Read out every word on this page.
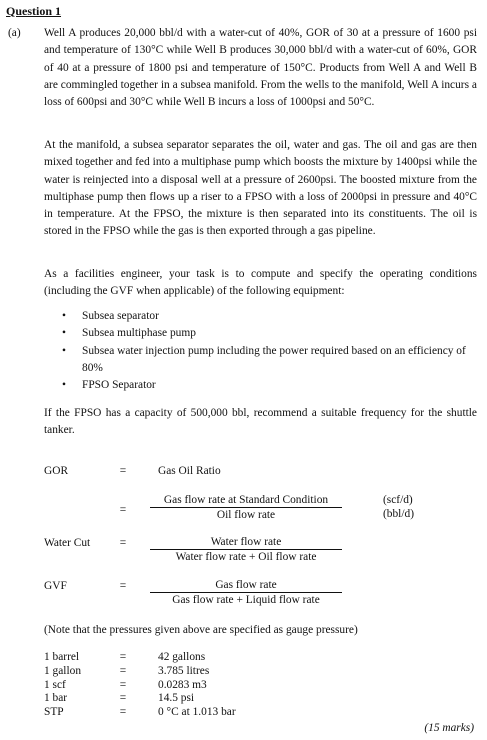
Question 1
(a) Well A produces 20,000 bbl/d with a water-cut of 40%, GOR of 30 at a pressure of 1600 psi and temperature of 130°C while Well B produces 30,000 bbl/d with a water-cut of 60%, GOR of 40 at a pressure of 1800 psi and temperature of 150°C. Products from Well A and Well B are commingled together in a subsea manifold. From the wells to the manifold, Well A incurs a loss of 600psi and 30°C while Well B incurs a loss of 1000psi and 50°C.
At the manifold, a subsea separator separates the oil, water and gas. The oil and gas are then mixed together and fed into a multiphase pump which boosts the mixture by 1400psi while the water is reinjected into a disposal well at a pressure of 2600psi. The boosted mixture from the multiphase pump then flows up a riser to a FPSO with a loss of 2000psi in pressure and 40°C in temperature. At the FPSO, the mixture is then separated into its constituents. The oil is stored in the FPSO while the gas is then exported through a gas pipeline.
As a facilities engineer, your task is to compute and specify the operating conditions (including the GVF when applicable) of the following equipment:
• Subsea separator
• Subsea multiphase pump
• Subsea water injection pump including the power required based on an efficiency of 80%
• FPSO Separator
If the FPSO has a capacity of 500,000 bbl, recommend a suitable frequency for the shuttle tanker.
GOR	=	Gas Oil Ratio
=
Gas flow rate at Standard Condition
Oil flow rate
(scf/d)
(bbl/d)
Water Cut	=	Water flow rate
Water flow rate + Oil flow rate
GVF	=	Gas flow rate
Gas flow rate + Liquid flow rate
(Note that the pressures given above are specified as gauge pressure)
1 barrel	=	42 gallons
1 gallon	=	3.785 litres
1 scf	=	0.0283 m3
1 bar	=	14.5 psi
STP	=	0 °C at 1.013 bar
(15 marks)
